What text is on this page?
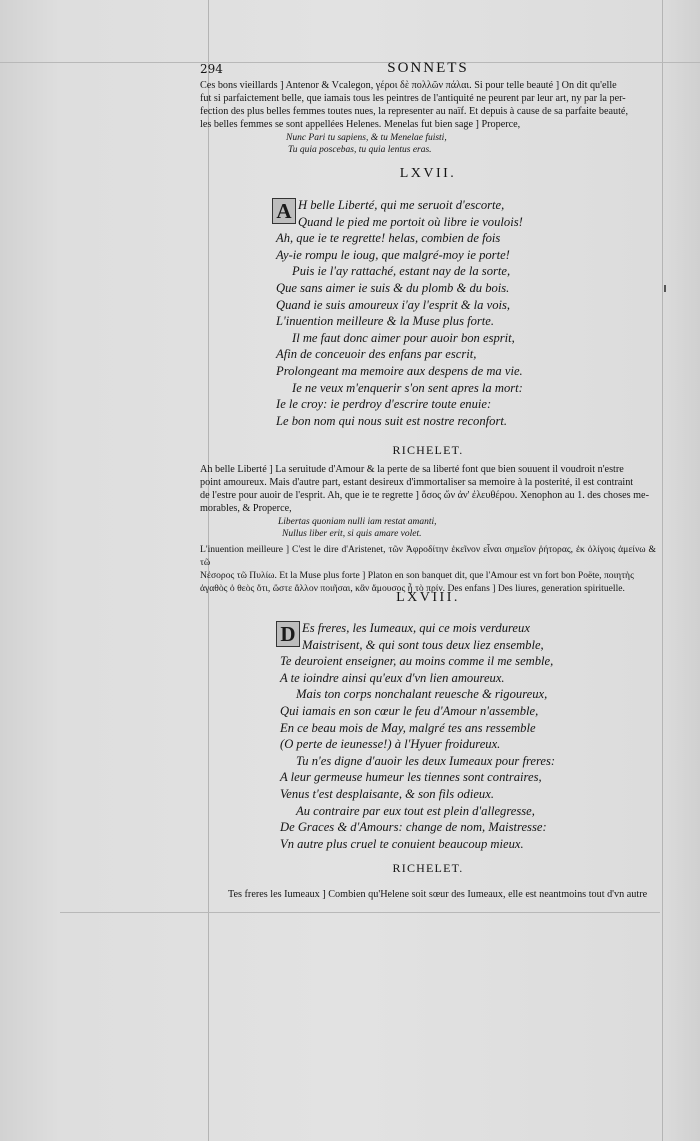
294	SONNETS
Ces bons vieillards ] Antenor & Vcalegon, γέροι δὲ πολλῶν πάλαι. Si pour telle beauté ] On dit qu'elle
fut si parfaictement belle, que iamais tous les peintres de l'antiquité ne peurent par leur art, ny par la per-
fection des plus belles femmes toutes nues, la representer au naïf. Et depuis à cause de sa parfaite beauté,
les belles femmes se sont appellées Helenes. Menelas fut bien sage ] Properce,
Nunc Pari tu sapiens, & tu Menelae fuisti,
Tu quia poscebas, tu quia lentus eras.
LXVII.
A H belle Liberté, qui me seruoit d'escorte,
Quand le pied me portoit où libre ie voulois!
Ah, que ie te regrette! helas, combien de fois
Ay-ie rompu le ioug, que malgré-moy ie porte!
Puis ie l'ay rattaché, estant nay de la sorte,
Que sans aimer ie suis & du plomb & du bois.
Quand ie suis amoureux i'ay l'esprit & la vois,
L'inuention meilleure & la Muse plus forte.
Il me faut donc aimer pour auoir bon esprit,
Afin de conceuoir des enfans par escrit,
Prolongeant ma memoire aux despens de ma vie.
Ie ne veux m'enquerir s'on sent apres la mort:
Ie le croy: ie perdroy d'escrire toute enuie:
Le bon nom qui nous suit est nostre reconfort.
RICHELET.
Ah belle Liberté ] La seruitude d'Amour & la perte de sa liberté font que bien souuent il voudroit n'estre
point amoureux. Mais d'autre part, estant desireux d'immortaliser sa memoire à la posterité, il est contraint
de l'estre pour auoir de l'esprit. Ah, que ie te regrette ] ὅσος ὤν ἀν' ἐλευθέρου. Xenophon au 1. des choses me-
morables, & Properce,
Libertas quoniam nulli iam restat amanti,
Nullus liber erit, si quis amare volet.
L'inuention meilleure ] C'est le dire d'Aristenet, τῶν Ἀφροδίτην ἐκεῖνον εἶναι σημεῖον ῥήτορας, ἐκ ὀλίγοις ἀμείνω & τῶ
Νέσορος τῶ Πυλίω. Et la Muse plus forte ] Platon en son banquet dit, que l'Amour est vn fort bon Poëte, ποιητὴς
ἀγαθὸς ὁ θεὸς ὅτι, ὥστε ἄλλον ποιῆσαι, κἂν ἄμουσος ᾖ τὸ πρίν. Des enfans ] Des liures, generation spirituelle.
LXVIII.
D Es freres, les Iumeaux, qui ce mois verdureux
Maistrisent, & qui sont tous deux liez ensemble,
Te deuroient enseigner, au moins comme il me semble,
A te ioindre ainsi qu'eux d'vn lien amoureux.
Mais ton corps nonchalant reuesche & rigoureux,
Qui iamais en son cœur le feu d'Amour n'assemble,
En ce beau mois de May, malgré tes ans ressemble
(O perte de ieunesse!) à l'Hyuer froidureux.
Tu n'es digne d'auoir les deux Iumeaux pour freres:
A leur germeuse humeur les tiennes sont contraires,
Venus t'est desplaisante, & son fils odieux.
Au contraire par eux tout est plein d'allegresse,
De Graces & d'Amours: change de nom, Maistresse:
Vn autre plus cruel te conuient beaucoup mieux.
RICHELET.
Tes freres les Iumeaux ] Combien qu'Helene soit sœur des Iumeaux, elle est neantmoins tout d'vn autre
